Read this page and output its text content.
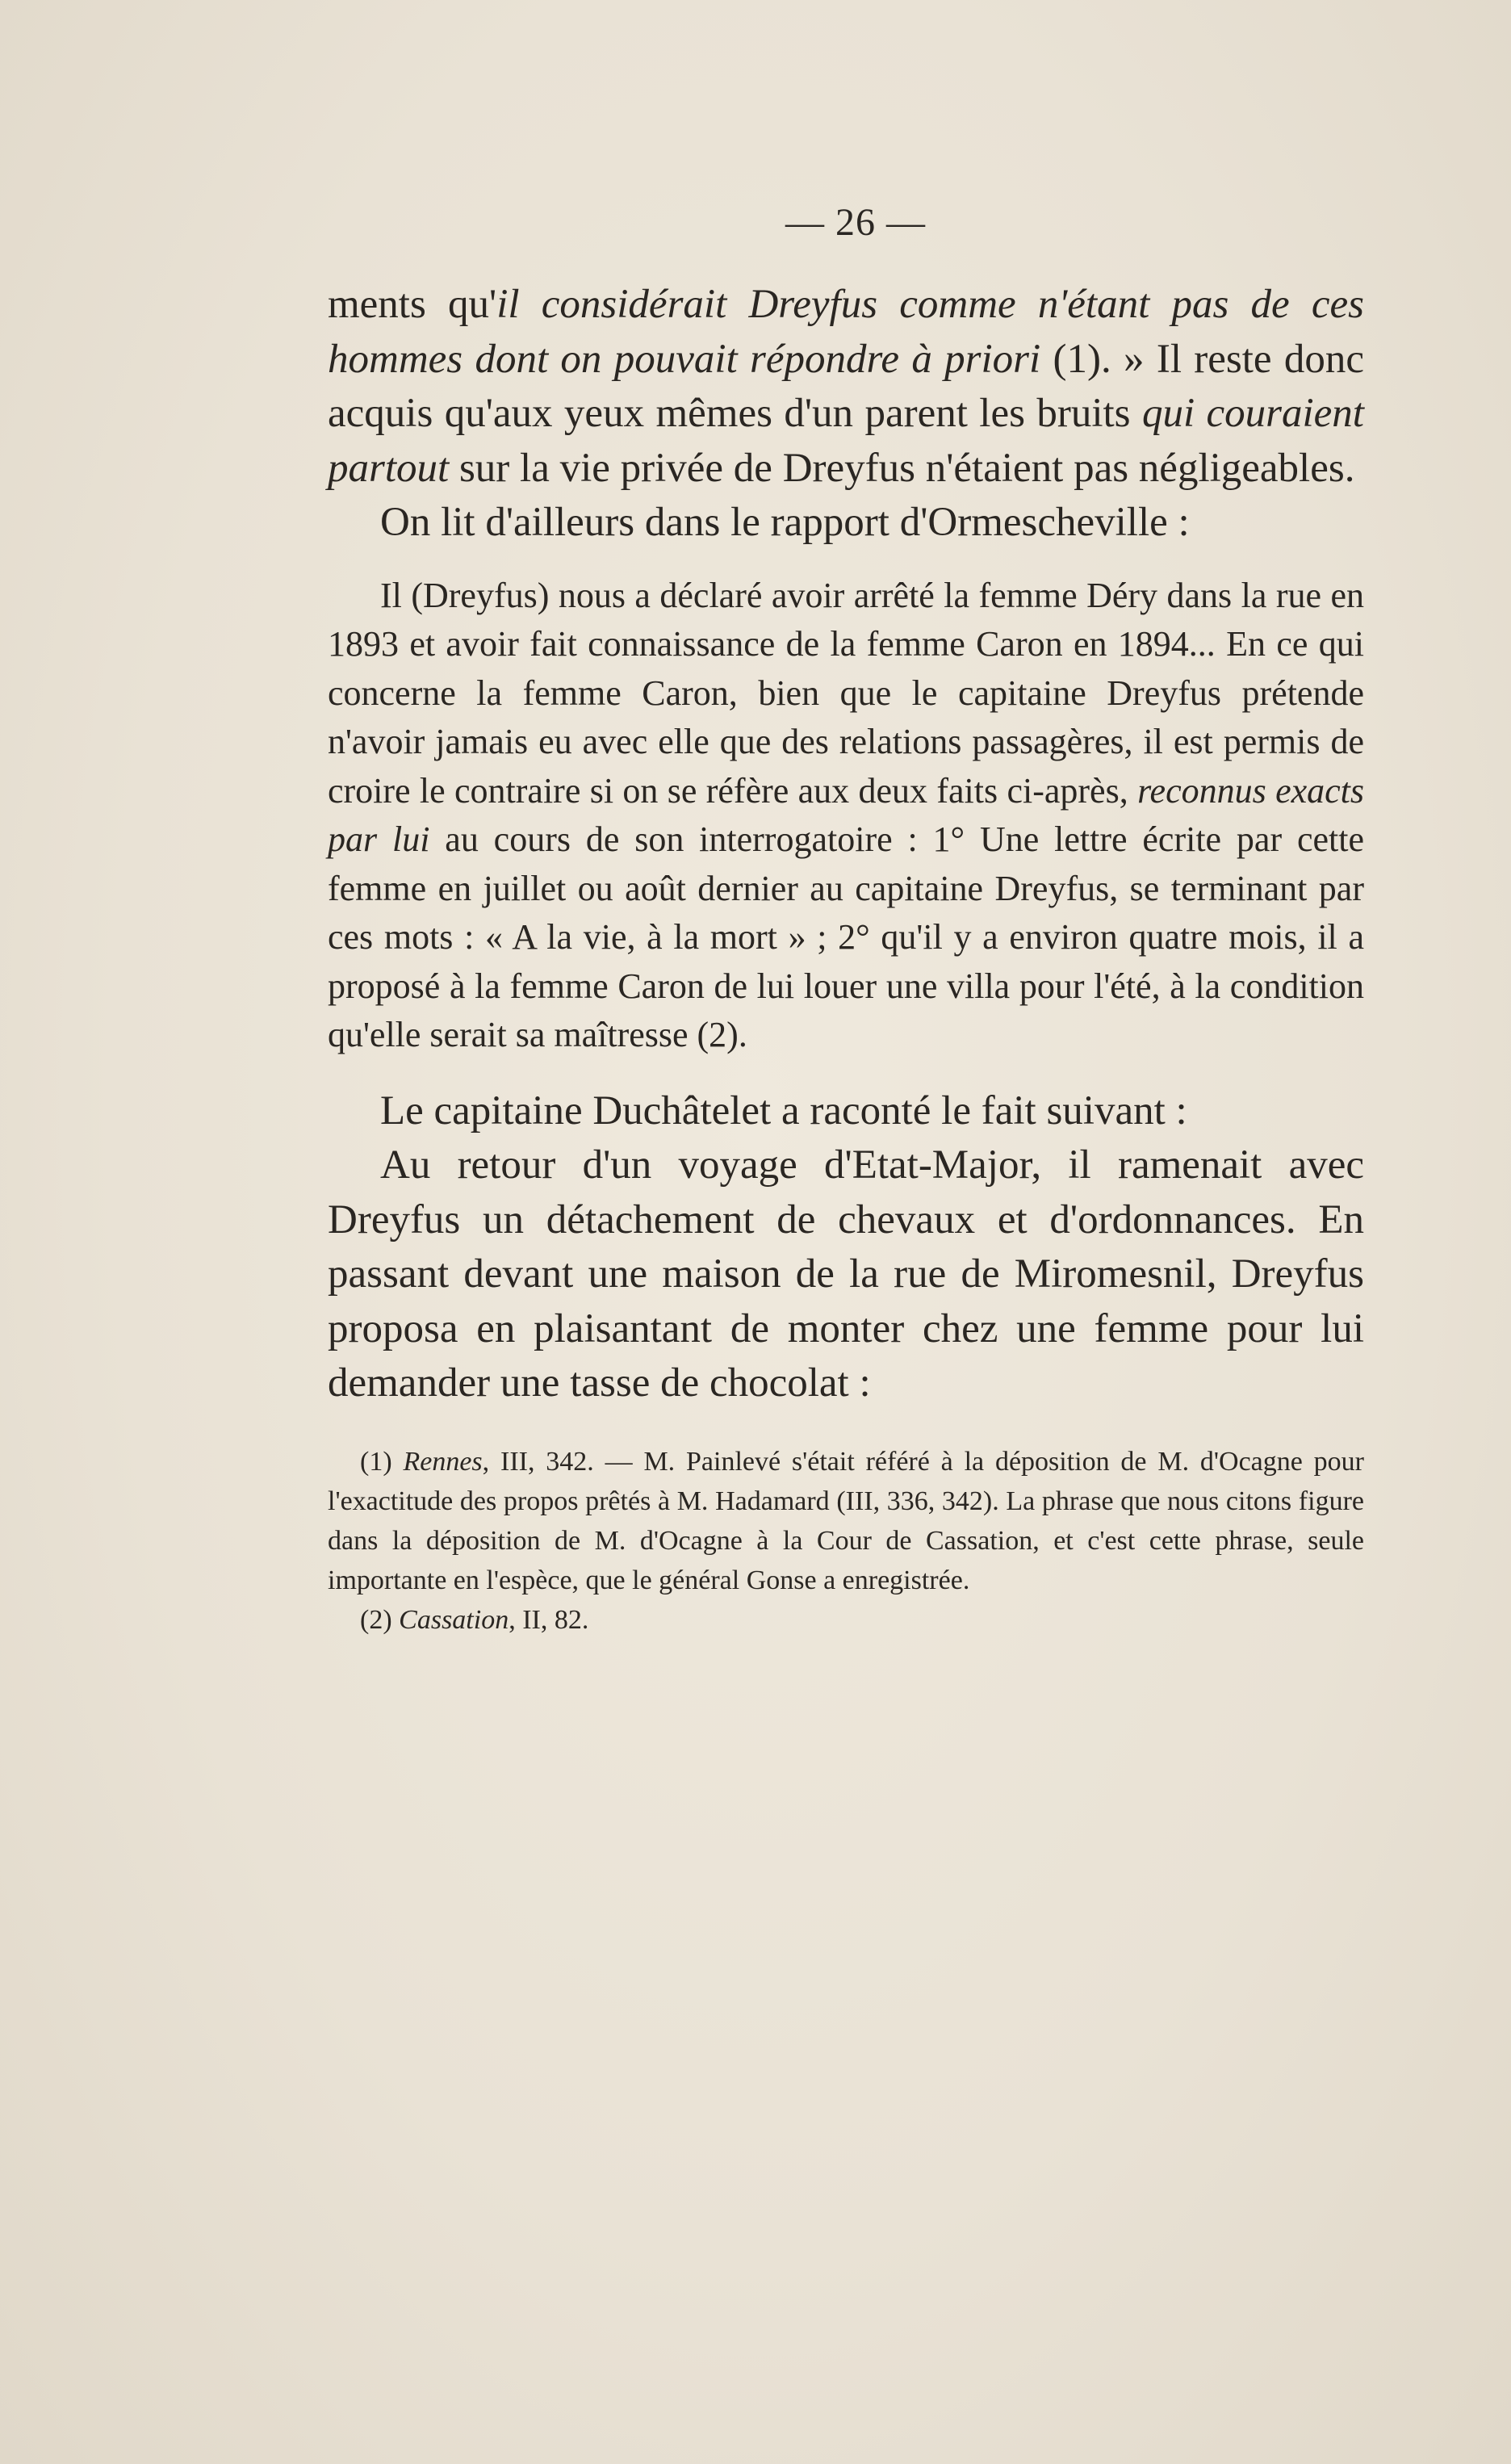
— 26 —

ments qu'il considérait Dreyfus comme n'étant pas de ces hommes dont on pouvait répondre à priori (1). » Il reste donc acquis qu'aux yeux mêmes d'un parent les bruits qui couraient partout sur la vie privée de Dreyfus n'étaient pas négligeables.

On lit d'ailleurs dans le rapport d'Ormescheville :

Il (Dreyfus) nous a déclaré avoir arrêté la femme Déry dans la rue en 1893 et avoir fait connaissance de la femme Caron en 1894... En ce qui concerne la femme Caron, bien que le capitaine Dreyfus prétende n'avoir jamais eu avec elle que des relations passagères, il est permis de croire le contraire si on se réfère aux deux faits ci-après, reconnus exacts par lui au cours de son interrogatoire : 1° Une lettre écrite par cette femme en juillet ou août dernier au capitaine Dreyfus, se terminant par ces mots : « A la vie, à la mort » ; 2° qu'il y a environ quatre mois, il a proposé à la femme Caron de lui louer une villa pour l'été, à la condition qu'elle serait sa maîtresse (2).

Le capitaine Duchâtelet a raconté le fait suivant :

Au retour d'un voyage d'Etat-Major, il ramenait avec Dreyfus un détachement de chevaux et d'ordonnances. En passant devant une maison de la rue de Miromesnil, Dreyfus proposa en plaisantant de monter chez une femme pour lui demander une tasse de chocolat :

(1) Rennes, III, 342. — M. Painlevé s'était référé à la déposition de M. d'Ocagne pour l'exactitude des propos prêtés à M. Hadamard (III, 336, 342). La phrase que nous citons figure dans la déposition de M. d'Ocagne à la Cour de Cassation, et c'est cette phrase, seule importante en l'espèce, que le général Gonse a enregistrée.

(2) Cassation, II, 82.
